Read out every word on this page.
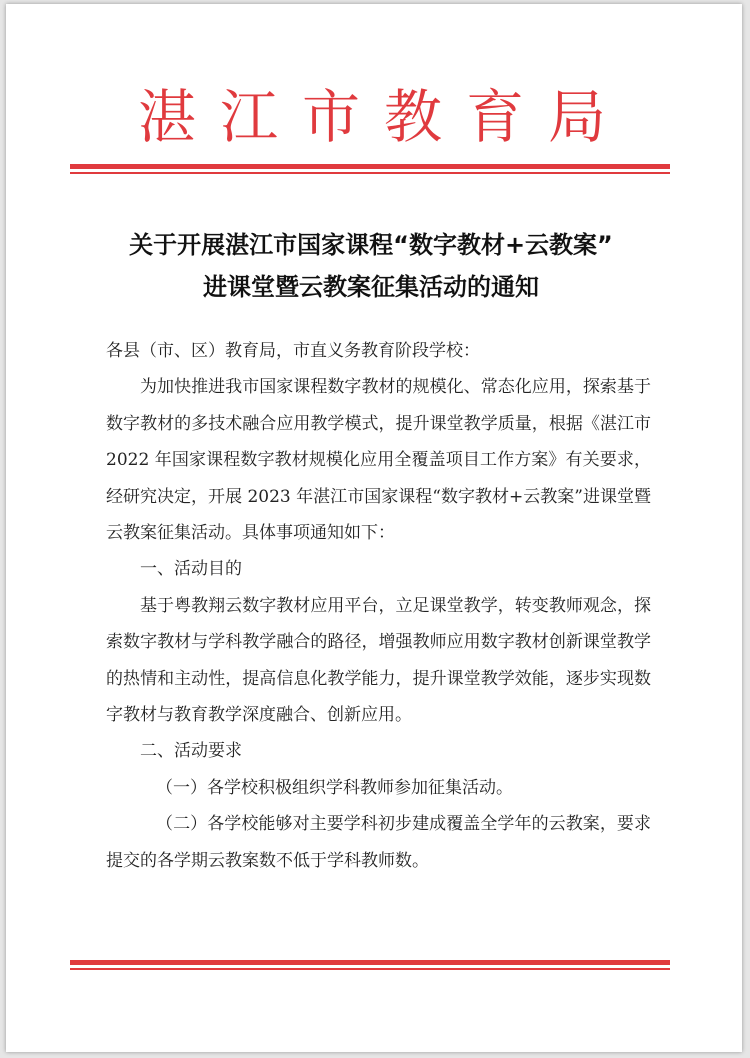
湛江市教育局
关于开展湛江市国家课程“数字教材+云教案”
进课堂暨云教案征集活动的通知

各县（市、区）教育局，市直义务教育阶段学校：

为加快推进我市国家课程数字教材的规模化、常态化应用，探索基于数字教材的多技术融合应用教学模式，提升课堂教学质量，根据《湛江市 2022 年国家课程数字教材规模化应用全覆盖项目工作方案》有关要求，经研究决定，开展 2023 年湛江市国家课程“数字教材+云教案”进课堂暨云教案征集活动。具体事项通知如下：

一、活动目的

基于粤教翔云数字教材应用平台，立足课堂教学，转变教师观念，探索数字教材与学科教学融合的路径，增强教师应用数字教材创新课堂教学的热情和主动性，提高信息化教学能力，提升课堂教学效能，逐步实现数字教材与教育教学深度融合、创新应用。

二、活动要求

（一）各学校积极组织学科教师参加征集活动。

（二）各学校能够对主要学科初步建成覆盖全学年的云教案，要求提交的各学期云教案数不低于学科教师数。
